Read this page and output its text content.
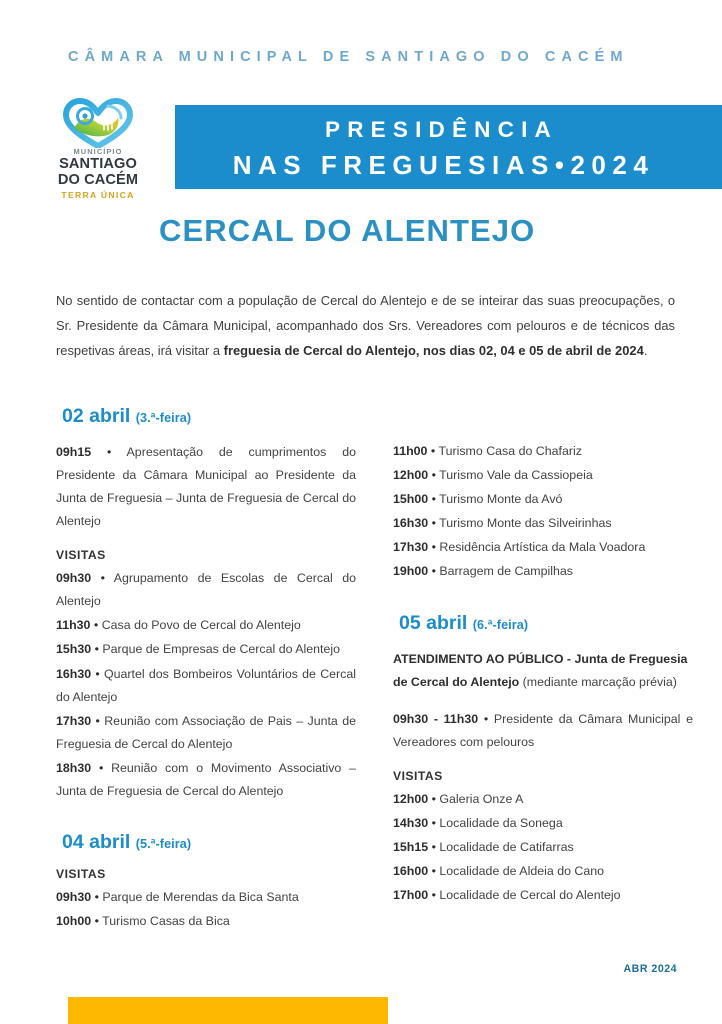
CÂMARA MUNICIPAL DE SANTIAGO DO CACÉM
MUNICÍPIO
SANTIAGO
DO CACÉM
TERRA ÚNICA
PRESIDÊNCIA
NAS FREGUESIAS•2024
CERCAL DO ALENTEJO

No sentido de contactar com a população de Cercal do Alentejo e de se inteirar das suas preocupações, o Sr. Presidente da Câmara Municipal, acompanhado dos Srs. Vereadores com pelouros e de técnicos das respetivas áreas, irá visitar a freguesia de Cercal do Alentejo, nos dias 02, 04 e 05 de abril de 2024.

02 abril (3.ª-feira)

09h15 • Apresentação de cumprimentos do Presidente da Câmara Municipal ao Presidente da Junta de Freguesia – Junta de Freguesia de Cercal do Alentejo

VISITAS

09h30 • Agrupamento de Escolas de Cercal do Alentejo

11h30 • Casa do Povo de Cercal do Alentejo

15h30 • Parque de Empresas de Cercal do Alentejo

16h30 • Quartel dos Bombeiros Voluntários de Cercal do Alentejo

17h30 • Reunião com Associação de Pais – Junta de Freguesia de Cercal do Alentejo

18h30 • Reunião com o Movimento Associativo – Junta de Freguesia de Cercal do Alentejo

04 abril (5.ª-feira)
VISITAS

09h30 • Parque de Merendas da Bica Santa

10h00 • Turismo Casas da Bica

11h00 • Turismo Casa do Chafariz

12h00 • Turismo Vale da Cassiopeia

15h00 • Turismo Monte da Avó

16h30 • Turismo Monte das Silveirinhas

17h30 • Residência Artística da Mala Voadora

19h00 • Barragem de Campilhas

05 abril (6.ª-feira)

ATENDIMENTO AO PÚBLICO - Junta de Freguesia de Cercal do Alentejo (mediante marcação prévia)

09h30 - 11h30 • Presidente da Câmara Municipal e Vereadores com pelouros

VISITAS

12h00 • Galeria Onze A

14h30 • Localidade da Sonega

15h15 • Localidade de Catifarras

16h00 • Localidade de Aldeia do Cano

17h00 • Localidade de Cercal do Alentejo

ABR 2024
